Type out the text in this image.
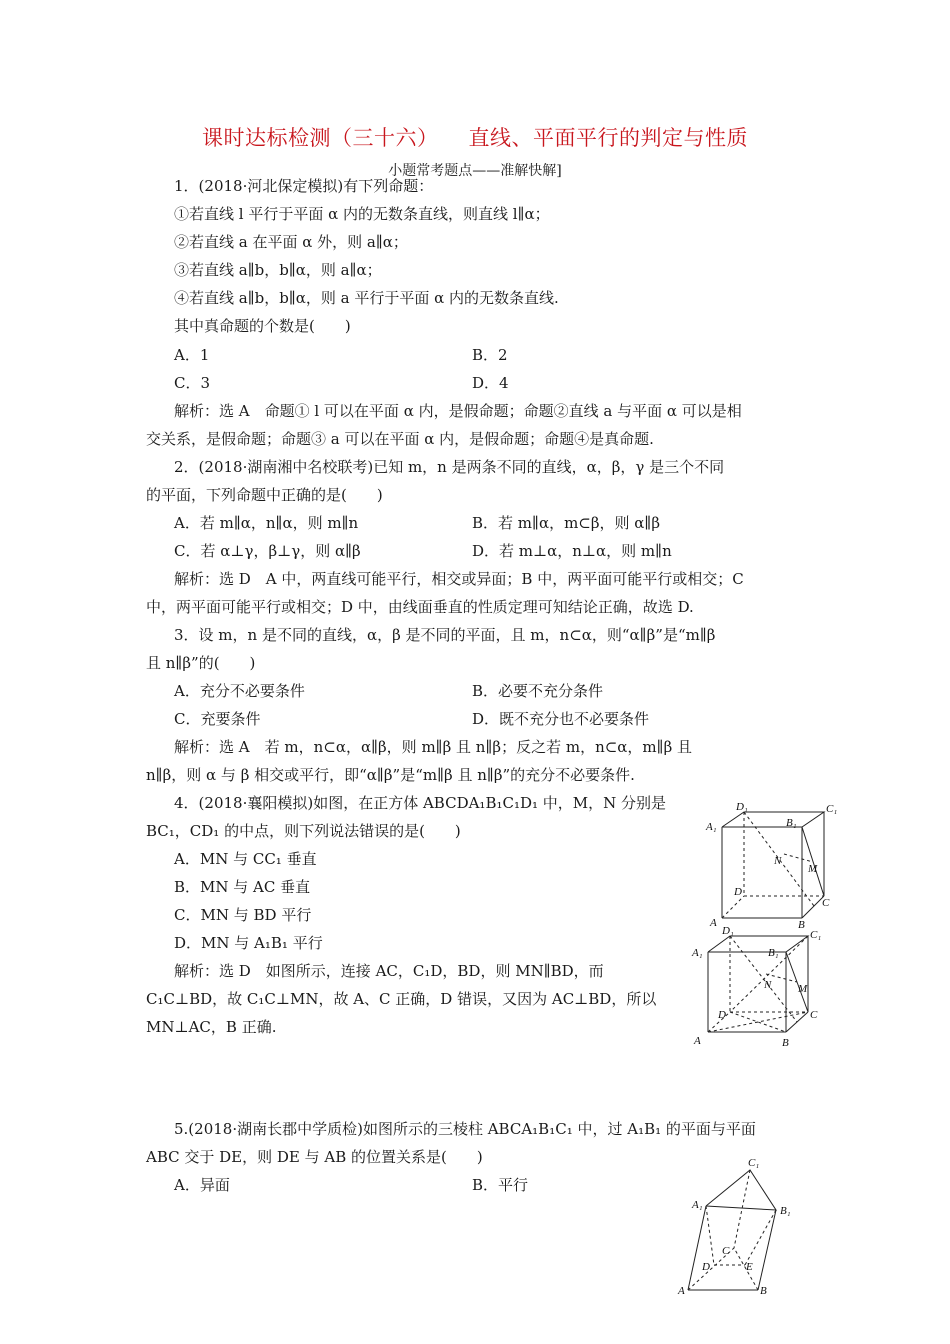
课时达标检测（三十六） 直线、平面平行的判定与性质
小题常考题点——准解快解]
1．(2018·河北保定模拟)有下列命题：
①若直线 l 平行于平面 α 内的无数条直线，则直线 l∥α；
②若直线 a 在平面 α 外，则 a∥α；
③若直线 a∥b，b∥α，则 a∥α；
④若直线 a∥b，b∥α，则 a 平行于平面 α 内的无数条直线.
其中真命题的个数是(　　)
A．1	B．2
C．3	D．4
解析：选 A　命题① l 可以在平面 α 内，是假命题；命题②直线 a 与平面 α 可以是相
交关系，是假命题；命题③ a 可以在平面 α 内，是假命题；命题④是真命题.
2．(2018·湖南湘中名校联考)已知 m，n 是两条不同的直线，α，β，γ 是三个不同
的平面，下列命题中正确的是(　　)
A．若 m∥α，n∥α，则 m∥n	B．若 m∥α，m⊂β，则 α∥β
C．若 α⊥γ，β⊥γ，则 α∥β	D．若 m⊥α，n⊥α，则 m∥n
解析：选 D　A 中，两直线可能平行，相交或异面；B 中，两平面可能平行或相交；C
中，两平面可能平行或相交；D 中，由线面垂直的性质定理可知结论正确，故选 D.
3．设 m，n 是不同的直线，α，β 是不同的平面，且 m，n⊂α，则“α∥β”是“m∥β
且 n∥β”的(　　)
A．充分不必要条件	B．必要不充分条件
C．充要条件	D．既不充分也不必要条件
解析：选 A　若 m，n⊂α，α∥β，则 m∥β 且 n∥β；反之若 m，n⊂α，m∥β 且
n∥β，则 α 与 β 相交或平行，即“α∥β”是“m∥β 且 n∥β”的充分不必要条件.
4．(2018·襄阳模拟)如图，在正方体 ABCDA₁B₁C₁D₁ 中，M，N 分别是
BC₁，CD₁ 的中点，则下列说法错误的是(　　)
A．MN 与 CC₁ 垂直
B．MN 与 AC 垂直
C．MN 与 BD 平行
D．MN 与 A₁B₁ 平行
解析：选 D　如图所示，连接 AC，C₁D，BD，则 MN∥BD，而
C₁C⊥BD，故 C₁C⊥MN，故 A、C 正确，D 错误，又因为 AC⊥BD，所以
MN⊥AC，B 正确.
5.(2018·湖南长郡中学质检)如图所示的三棱柱 ABCA₁B₁C₁ 中，过 A₁B₁ 的平面与平面
ABC 交于 DE，则 DE 与 AB 的位置关系是(　　)
A．异面	B．平行
D₁	C₁
A₁	B₁
N
M
D
C
A	B
D₁	C₁
A₁	B₁
N M
D	C
A	B
C₁
A₁	B₁
C
D	E
A	B
